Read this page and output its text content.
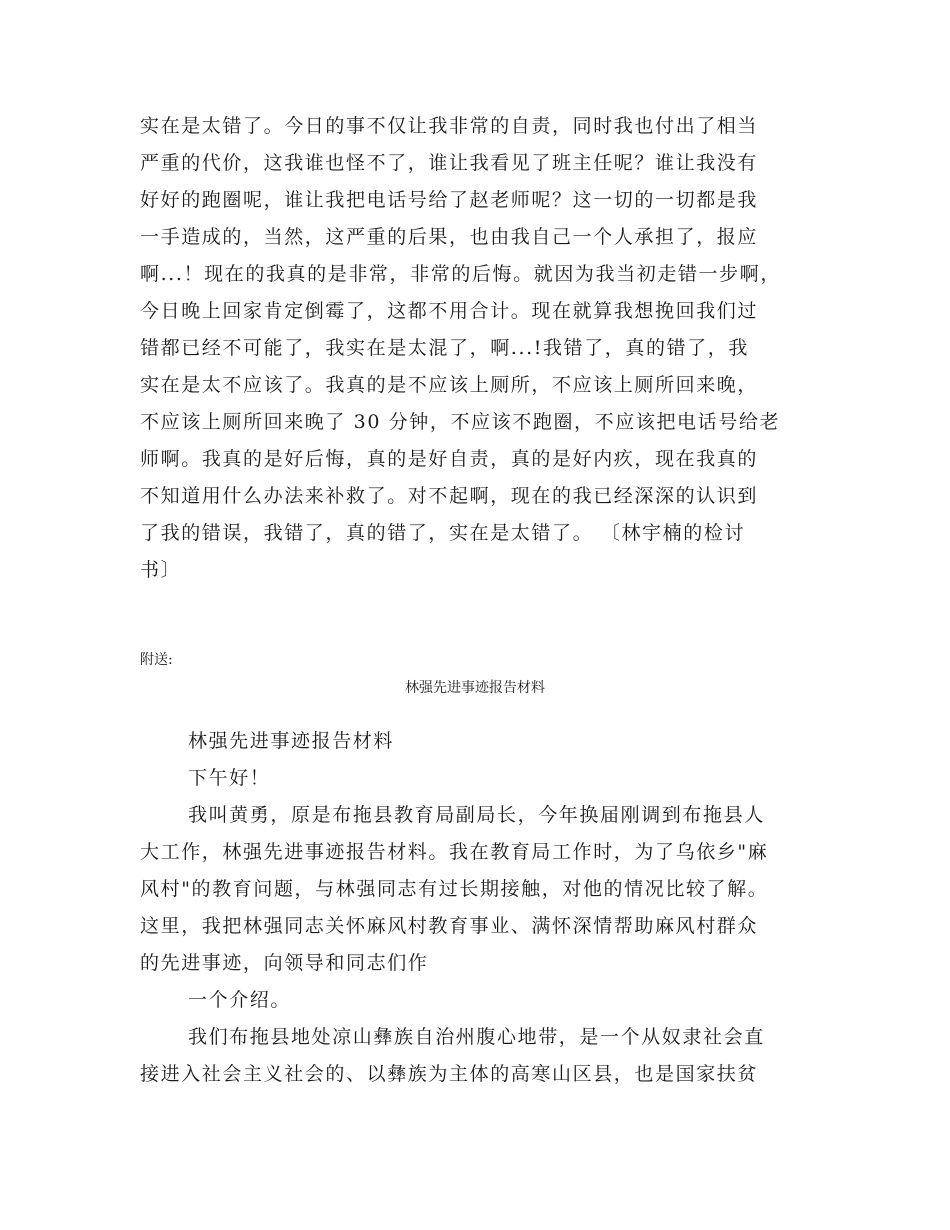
实在是太错了。今日的事不仅让我非常的自责，同时我也付出了相当
严重的代价，这我谁也怪不了，谁让我看见了班主任呢？谁让我没有
好好的跑圈呢，谁让我把电话号给了赵老师呢？这一切的一切都是我
一手造成的，当然，这严重的后果，也由我自己一个人承担了，报应
啊...！现在的我真的是非常，非常的后悔。就因为我当初走错一步啊，
今日晚上回家肯定倒霉了，这都不用合计。现在就算我想挽回我们过
错都已经不可能了，我实在是太混了，啊...!我错了，真的错了，我
实在是太不应该了。我真的是不应该上厕所，不应该上厕所回来晚，
不应该上厕所回来晚了 30 分钟，不应该不跑圈，不应该把电话号给老
师啊。我真的是好后悔，真的是好自责，真的是好内疚，现在我真的
不知道用什么办法来补救了。对不起啊，现在的我已经深深的认识到
了我的错误，我错了，真的错了，实在是太错了。 〔林宇楠的检讨
书〕
附送:
林强先进事迹报告材料
林强先进事迹报告材料
下午好！
我叫黄勇，原是布拖县教育局副局长，今年换届刚调到布拖县人
大工作，林强先进事迹报告材料。我在教育局工作时，为了乌依乡"麻
风村"的教育问题，与林强同志有过长期接触，对他的情况比较了解。
这里，我把林强同志关怀麻风村教育事业、满怀深情帮助麻风村群众
的先进事迹，向领导和同志们作
一个介绍。
我们布拖县地处凉山彝族自治州腹心地带，是一个从奴隶社会直
接进入社会主义社会的、以彝族为主体的高寒山区县，也是国家扶贫
